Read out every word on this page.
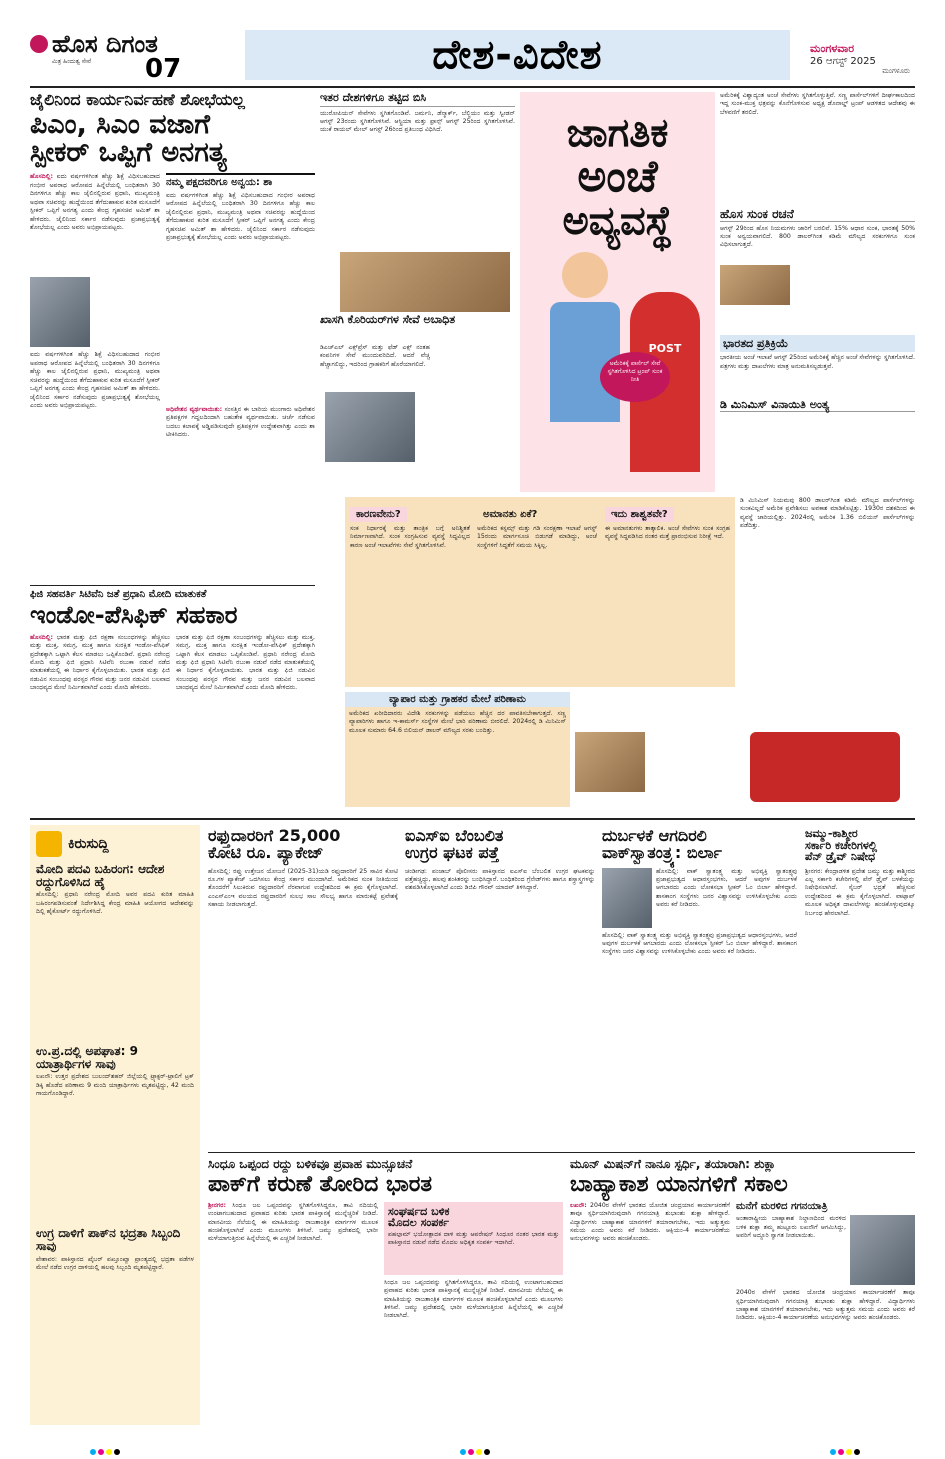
ಹೊಸ ದಿಗಂತ
ಮಿತ್ರ ಹಿಂದುತ್ವ ಸೇವೆ	07	ದೇಶ-ವಿದೇಶ	ಮಂಗಳವಾರ
26 ಆಗಸ್ಟ್ 2025
ಮಂಗಳೂರು
ಜೈಲಿನಿಂದ ಕಾರ್ಯನಿರ್ವಹಣೆ ಶೋಭೆಯಲ್ಲ
ಪಿಎಂ, ಸಿಎಂ ವಜಾಗೆ
ಸ್ಪೀಕರ್ ಒಪ್ಪಿಗೆ ಅನಗತ್ಯ
ಹೊಸದಿಲ್ಲಿ: ಐದು ವರ್ಷಗಳಿಗಿಂತ ಹೆಚ್ಚು ಶಿಕ್ಷೆ ವಿಧಿಸಬಹುದಾದ ಗಂಭೀರ ಅಪರಾಧ ಆರೋಪದ ಹಿನ್ನೆಲೆಯಲ್ಲಿ ಬಂಧಿತರಾಗಿ 30 ದಿನಗಳಿಗೂ ಹೆಚ್ಚು ಕಾಲ ಜೈಲಿನಲ್ಲಿರುವ ಪ್ರಧಾನಿ, ಮುಖ್ಯಮಂತ್ರಿ ಅಥವಾ ಸಚಿವರನ್ನು ಹುದ್ದೆಯಿಂದ ತೆಗೆದುಹಾಕುವ ಕುರಿತ ಮಸೂದೆಗೆ ಸ್ಪೀಕರ್ ಒಪ್ಪಿಗೆ ಅನಗತ್ಯ ಎಂದು ಕೇಂದ್ರ ಗೃಹಸಚಿವ ಅಮಿತ್ ಶಾ ಹೇಳಿದರು. ಜೈಲಿನಿಂದ ಸರ್ಕಾರ ನಡೆಸುವುದು ಪ್ರಜಾಪ್ರಭುತ್ವಕ್ಕೆ ಶೋಭೆಯಲ್ಲ ಎಂದು ಅವರು ಅಭಿಪ್ರಾಯಪಟ್ಟರು.
ಐದು ವರ್ಷಗಳಿಗಿಂತ ಹೆಚ್ಚು ಶಿಕ್ಷೆ ವಿಧಿಸಬಹುದಾದ ಗಂಭೀರ ಅಪರಾಧ ಆರೋಪದ ಹಿನ್ನೆಲೆಯಲ್ಲಿ ಬಂಧಿತರಾಗಿ 30 ದಿನಗಳಿಗೂ ಹೆಚ್ಚು ಕಾಲ ಜೈಲಿನಲ್ಲಿರುವ ಪ್ರಧಾನಿ, ಮುಖ್ಯಮಂತ್ರಿ ಅಥವಾ ಸಚಿವರನ್ನು ಹುದ್ದೆಯಿಂದ ತೆಗೆದುಹಾಕುವ ಕುರಿತ ಮಸೂದೆಗೆ ಸ್ಪೀಕರ್ ಒಪ್ಪಿಗೆ ಅನಗತ್ಯ ಎಂದು ಕೇಂದ್ರ ಗೃಹಸಚಿವ ಅಮಿತ್ ಶಾ ಹೇಳಿದರು. ಜೈಲಿನಿಂದ ಸರ್ಕಾರ ನಡೆಸುವುದು ಪ್ರಜಾಪ್ರಭುತ್ವಕ್ಕೆ ಶೋಭೆಯಲ್ಲ ಎಂದು ಅವರು ಅಭಿಪ್ರಾಯಪಟ್ಟರು.
ನಮ್ಮ ಪಕ್ಷದವರಿಗೂ ಅನ್ವಯ: ಶಾ
ಐದು ವರ್ಷಗಳಿಗಿಂತ ಹೆಚ್ಚು ಶಿಕ್ಷೆ ವಿಧಿಸಬಹುದಾದ ಗಂಭೀರ ಅಪರಾಧ ಆರೋಪದ ಹಿನ್ನೆಲೆಯಲ್ಲಿ ಬಂಧಿತರಾಗಿ 30 ದಿನಗಳಿಗೂ ಹೆಚ್ಚು ಕಾಲ ಜೈಲಿನಲ್ಲಿರುವ ಪ್ರಧಾನಿ, ಮುಖ್ಯಮಂತ್ರಿ ಅಥವಾ ಸಚಿವರನ್ನು ಹುದ್ದೆಯಿಂದ ತೆಗೆದುಹಾಕುವ ಕುರಿತ ಮಸೂದೆಗೆ ಸ್ಪೀಕರ್ ಒಪ್ಪಿಗೆ ಅನಗತ್ಯ ಎಂದು ಕೇಂದ್ರ ಗೃಹಸಚಿವ ಅಮಿತ್ ಶಾ ಹೇಳಿದರು. ಜೈಲಿನಿಂದ ಸರ್ಕಾರ ನಡೆಸುವುದು ಪ್ರಜಾಪ್ರಭುತ್ವಕ್ಕೆ ಶೋಭೆಯಲ್ಲ ಎಂದು ಅವರು ಅಭಿಪ್ರಾಯಪಟ್ಟರು.
ಅಧಿವೇಶನ ವ್ಯರ್ಥವಾಯಿತು: ಸಂಸತ್ತಿನ ಈ ಬಾರಿಯ ಮುಂಗಾರು ಅಧಿವೇಶನ ಪ್ರತಿಪಕ್ಷಗಳ ಗದ್ದಲದಿಂದಾಗಿ ಬಹುತೇಕ ವ್ಯರ್ಥವಾಯಿತು. ಚರ್ಚೆ ನಡೆಸುವ ಬದಲು ಕಲಾಪಕ್ಕೆ ಅಡ್ಡಿಪಡಿಸುವುದೇ ಪ್ರತಿಪಕ್ಷಗಳ ಉದ್ದೇಶವಾಗಿತ್ತು ಎಂದು ಶಾ ಟೀಕಿಸಿದರು.
ಇತರ ದೇಶಗಳಿಗೂ ತಟ್ಟಿದ ಬಿಸಿ
ಯುರೋಪಿಯನ್ ಸೇವೆಗಳು ಸ್ಥಗಿತಗೊಂಡಿವೆ. ಜರ್ಮನಿ, ಡೆನ್ಮಾರ್ಕ್, ಬೆಲ್ಜಿಯಂ ಮತ್ತು ಸ್ವೀಡನ್ ಆಗಸ್ಟ್ 23ರಂದು ಸ್ಥಗಿತಗೊಳಿಸಿವೆ. ಆಸ್ಟ್ರಿಯಾ ಮತ್ತು ಫ್ರಾನ್ಸ್ ಆಗಸ್ಟ್ 25ರಿಂದ ಸ್ಥಗಿತಗೊಳಿಸಿವೆ. ಯುಕೆ ರಾಯಲ್ ಮೇಲ್ ಆಗಸ್ಟ್ 26ರಿಂದ ಪ್ರತಿಬಂಧ ವಿಧಿಸಿದೆ.
ಖಾಸಗಿ ಕೊರಿಯರ್‌ಗಳ ಸೇವೆ ಅಬಾಧಿತ
ಡಿಎಚ್‌ಎಲ್ ಎಕ್ಸ್‌ಪ್ರೆಸ್ ಮತ್ತು ಫೆಡ್ ಎಕ್ಸ್ ನಂತಹ ಕಂಪನಿಗಳ ಸೇವೆ ಮುಂದುವರಿದಿದೆ. ಆದರೆ ವೆಚ್ಚ ಹೆಚ್ಚಾಗಲಿದ್ದು, ಇದರಿಂದ ಗ್ರಾಹಕರಿಗೆ ಹೊರೆಯಾಗಲಿದೆ.
ಜಾಗತಿಕ
ಅಂಚೆ
ಅವ್ಯವಸ್ಥೆ
POST
ಅಮೆರಿಕಕ್ಕೆ ಪಾರ್ಸೆಲ್ ಸೇವೆ ಸ್ಥಗಿತಗೊಳಿಸಿದ ಟ್ರಂಪ್ ಸುಂಕ ನೀತಿ
ಅಮೆರಿಕಕ್ಕೆ ವಿಶ್ವಾದ್ಯಂತ ಅಂಚೆ ಸೇವೆಗಳು ಸ್ಥಗಿತಗೊಳ್ಳುತ್ತಿವೆ. ಸಣ್ಣ ಪಾರ್ಸೆಲ್‌ಗಳಿಗೆ ದೀರ್ಘಕಾಲದಿಂದ ಇದ್ದ ಸುಂಕ-ಮುಕ್ತ ಛತ್ರವನ್ನು ಕೊನೆಗೊಳಿಸುವ ಅಧ್ಯಕ್ಷ ಡೊನಾಲ್ಡ್ ಟ್ರಂಪ್ ಆಡಳಿತದ ಆದೇಶವು ಈ ಬೆಳವಣಿಗೆ ತರಲಿದೆ.
ಹೊಸ ಸುಂಕ ರಚನೆ
ಆಗಸ್ಟ್ 29ರಿಂದ ಹೊಸ ನಿಯಮಗಳು ಜಾರಿಗೆ ಬರಲಿವೆ. 15% ಆಧಾರ ಸುಂಕ, ಭಾರತಕ್ಕೆ 50% ಸುಂಕ ಅನ್ವಯವಾಗಲಿದೆ. 800 ಡಾಲರ್‌ಗಿಂತ ಕಡಿಮೆ ಮೌಲ್ಯದ ಸರಕುಗಳಿಗೂ ಸುಂಕ ವಿಧಿಸಲಾಗುತ್ತದೆ.
ಭಾರತದ ಪ್ರತಿಕ್ರಿಯೆ
ಭಾರತೀಯ ಅಂಚೆ ಇಲಾಖೆ ಆಗಸ್ಟ್ 25ರಿಂದ ಅಮೆರಿಕಕ್ಕೆ ಹೆಚ್ಚಿನ ಅಂಚೆ ಸೇವೆಗಳನ್ನು ಸ್ಥಗಿತಗೊಳಿಸಿದೆ. ಪತ್ರಗಳು ಮತ್ತು ದಾಖಲೆಗಳು ಮಾತ್ರ ಅನುಮತಿಸಲ್ಪಡುತ್ತವೆ.
ಡಿ ಮಿನಿಮಿಸ್ ವಿನಾಯಿತಿ ಅಂತ್ಯ
ಡಿ ಮಿನಿಮಿಸ್ ನಿಯಮವು 800 ಡಾಲರ್‌ಗಿಂತ ಕಡಿಮೆ ಮೌಲ್ಯದ ಪಾರ್ಸೆಲ್‌ಗಳನ್ನು ಸುಂಕವಿಲ್ಲದೆ ಅಮೆರಿಕ ಪ್ರವೇಶಿಸಲು ಅವಕಾಶ ಮಾಡಿಕೊಟ್ಟಿತ್ತು. 1930ರ ದಶಕದಿಂದ ಈ ವ್ಯವಸ್ಥೆ ಜಾರಿಯಲ್ಲಿತ್ತು. 2024ರಲ್ಲಿ ಅಮೆರಿಕ 1.36 ಬಿಲಿಯನ್ ಪಾರ್ಸೆಲ್‌ಗಳನ್ನು ಪಡೆದಿತ್ತು.
ಕಾರಣವೇನು?
ಸಂಕ ನಿರ್ಧಾರಕ್ಕೆ ಮತ್ತು ತಾಂತ್ರಿಕ ಬಗ್ಗೆ ಅನಿಶ್ಚಿತತೆ ನಿರ್ಮಾಣವಾಗಿದೆ. ಸುಂಕ ಸಂಗ್ರಹಿಸುವ ವ್ಯವಸ್ಥೆ ಸಿದ್ಧವಿಲ್ಲದ ಕಾರಣ ಅಂಚೆ ಇಲಾಖೆಗಳು ಸೇವೆ ಸ್ಥಗಿತಗೊಳಿಸಿವೆ.
ಅಮಾನತು ಏಕೆ?
ಅಮೆರಿಕದ ಕಸ್ಟಮ್ಸ್ ಮತ್ತು ಗಡಿ ಸಂರಕ್ಷಣಾ ಇಲಾಖೆ ಆಗಸ್ಟ್ 15ರಂದು ಮಾರ್ಗಸೂಚಿ ಬಿಡುಗಡೆ ಮಾಡಿದ್ದು, ಅಂಚೆ ಸಂಸ್ಥೆಗಳಿಗೆ ಸಿದ್ಧತೆಗೆ ಸಮಯ ಸಿಕ್ಕಿಲ್ಲ.
ಇದು ಶಾಶ್ವತವೇ?
ಈ ಅಮಾನತುಗಳು ತಾತ್ಕಾಲಿಕ. ಅಂಚೆ ಸೇವೆಗಳು ಸುಂಕ ಸಂಗ್ರಹ ವ್ಯವಸ್ಥೆ ಸಿದ್ಧಪಡಿಸಿದ ನಂತರ ಮತ್ತೆ ಪ್ರಾರಂಭಿಸುವ ನಿರೀಕ್ಷೆ ಇದೆ.
ವ್ಯಾಪಾರ ಮತ್ತು ಗ್ರಾಹಕರ ಮೇಲೆ ಪರಿಣಾಮ
ಅಮೆರಿಕದ ಖರೀದಿದಾರರು ವಿದೇಶಿ ಸರಕುಗಳನ್ನು ಪಡೆಯಲು ಹೆಚ್ಚಿನ ದರ ಪಾವತಿಸಬೇಕಾಗುತ್ತದೆ. ಸಣ್ಣ ವ್ಯಾಪಾರಿಗಳು ಹಾಗೂ ಇ-ಕಾಮರ್ಸ್ ಸಂಸ್ಥೆಗಳ ಮೇಲೆ ಭಾರಿ ಪರಿಣಾಮ ಬೀರಲಿದೆ. 2024ರಲ್ಲಿ ಡಿ ಮಿನಿಮಿಸ್ ಮೂಲಕ ಸುಮಾರು 64.6 ಬಿಲಿಯನ್ ಡಾಲರ್ ಮೌಲ್ಯದ ಸರಕು ಬಂದಿತ್ತು.
ಫಿಜಿ ಸಹವರ್ತಿ ಸಿಟಿವೆನಿ ಜತೆ ಪ್ರಧಾನಿ ಮೋದಿ ಮಾತುಕತೆ
ಇಂಡೋ-ಪೆಸಿಫಿಕ್ ಸಹಕಾರ
ಹೊಸದಿಲ್ಲಿ: ಭಾರತ ಮತ್ತು ಫಿಜಿ ರಕ್ಷಣಾ ಸಂಬಂಧಗಳನ್ನು ಹೆಚ್ಚಿಸಲು ಮತ್ತು ಮುಕ್ತ, ಸಮಗ್ರ, ಮುಕ್ತ ಹಾಗೂ ಸುರಕ್ಷಿತ ಇಂಡೋ-ಪೆಸಿಫಿಕ್ ಪ್ರದೇಶಕ್ಕಾಗಿ ಒಟ್ಟಾಗಿ ಕೆಲಸ ಮಾಡಲು ಒಪ್ಪಿಕೊಂಡಿವೆ. ಪ್ರಧಾನಿ ನರೇಂದ್ರ ಮೋದಿ ಮತ್ತು ಫಿಜಿ ಪ್ರಧಾನಿ ಸಿಟಿವೆನಿ ರಬುಕಾ ನಡುವೆ ನಡೆದ ಮಾತುಕತೆಯಲ್ಲಿ ಈ ನಿರ್ಧಾರ ಕೈಗೊಳ್ಳಲಾಯಿತು. ಭಾರತ ಮತ್ತು ಫಿಜಿ ನಡುವಿನ ಸಂಬಂಧವು ಪರಸ್ಪರ ಗೌರವ ಮತ್ತು ಜನರ ನಡುವಿನ ಬಲವಾದ ಬಾಂಧವ್ಯದ ಮೇಲೆ ನಿರ್ಮಿತವಾಗಿದೆ ಎಂದು ಮೋದಿ ಹೇಳಿದರು.
ಭಾರತ ಮತ್ತು ಫಿಜಿ ರಕ್ಷಣಾ ಸಂಬಂಧಗಳನ್ನು ಹೆಚ್ಚಿಸಲು ಮತ್ತು ಮುಕ್ತ, ಸಮಗ್ರ, ಮುಕ್ತ ಹಾಗೂ ಸುರಕ್ಷಿತ ಇಂಡೋ-ಪೆಸಿಫಿಕ್ ಪ್ರದೇಶಕ್ಕಾಗಿ ಒಟ್ಟಾಗಿ ಕೆಲಸ ಮಾಡಲು ಒಪ್ಪಿಕೊಂಡಿವೆ. ಪ್ರಧಾನಿ ನರೇಂದ್ರ ಮೋದಿ ಮತ್ತು ಫಿಜಿ ಪ್ರಧಾನಿ ಸಿಟಿವೆನಿ ರಬುಕಾ ನಡುವೆ ನಡೆದ ಮಾತುಕತೆಯಲ್ಲಿ ಈ ನಿರ್ಧಾರ ಕೈಗೊಳ್ಳಲಾಯಿತು. ಭಾರತ ಮತ್ತು ಫಿಜಿ ನಡುವಿನ ಸಂಬಂಧವು ಪರಸ್ಪರ ಗೌರವ ಮತ್ತು ಜನರ ನಡುವಿನ ಬಲವಾದ ಬಾಂಧವ್ಯದ ಮೇಲೆ ನಿರ್ಮಿತವಾಗಿದೆ ಎಂದು ಮೋದಿ ಹೇಳಿದರು.
ಕಿರುಸುದ್ದಿ
ಮೋದಿ ಪದವಿ ಬಹಿರಂಗ: ಆದೇಶ ರದ್ದುಗೊಳಿಸಿದ ಹೈ
ಹೊಸದಿಲ್ಲಿ: ಪ್ರಧಾನಿ ನರೇಂದ್ರ ಮೋದಿ ಅವರ ಪದವಿ ಕುರಿತ ಮಾಹಿತಿ ಬಹಿರಂಗಪಡಿಸುವಂತೆ ನಿರ್ದೇಶಿಸಿದ್ದ ಕೇಂದ್ರ ಮಾಹಿತಿ ಆಯೋಗದ ಆದೇಶವನ್ನು ದಿಲ್ಲಿ ಹೈಕೋರ್ಟ್ ರದ್ದುಗೊಳಿಸಿದೆ.
ಉ.ಪ್ರ.ದಲ್ಲಿ ಅಪಘಾತ: 9 ಯಾತ್ರಾರ್ಥಿಗಳ ಸಾವು
ಲಖನೌ: ಉತ್ತರ ಪ್ರದೇಶದ ಬುಲಂದ್‌ಶಹರ್ ಜಿಲ್ಲೆಯಲ್ಲಿ ಟ್ರ್ಯಾಕ್ಟರ್-ಟ್ರಾಲಿಗೆ ಟ್ರಕ್ ಡಿಕ್ಕಿ ಹೊಡೆದ ಪರಿಣಾಮ 9 ಮಂದಿ ಯಾತ್ರಾರ್ಥಿಗಳು ಮೃತಪಟ್ಟಿದ್ದು, 42 ಮಂದಿ ಗಾಯಗೊಂಡಿದ್ದಾರೆ.
ಉಗ್ರ ದಾಳಿಗೆ ಪಾಕ್‌ನ ಭದ್ರತಾ ಸಿಬ್ಬಂದಿ ಸಾವು
ಪೇಶಾವರ: ಪಾಕಿಸ್ತಾನದ ಖೈಬರ್ ಪಖ್ತೂಂಖ್ವಾ ಪ್ರಾಂತ್ಯದಲ್ಲಿ ಭದ್ರತಾ ಪಡೆಗಳ ಮೇಲೆ ನಡೆದ ಉಗ್ರರ ದಾಳಿಯಲ್ಲಿ ಹಲವು ಸಿಬ್ಬಂದಿ ಮೃತಪಟ್ಟಿದ್ದಾರೆ.
ರಫ್ತುದಾರರಿಗೆ 25,000
ಕೋಟಿ ರೂ. ಪ್ಯಾಕೇಜ್
ಹೊಸದಿಲ್ಲಿ: ರಫ್ತು ಉತ್ತೇಜನ ಯೋಜನೆ (2025-31)ಯಡಿ ರಫ್ತುದಾರರಿಗೆ 25 ಸಾವಿರ ಕೋಟಿ ರೂ.ಗಳ ಪ್ಯಾಕೇಜ್ ಒದಗಿಸಲು ಕೇಂದ್ರ ಸರ್ಕಾರ ಮುಂದಾಗಿದೆ. ಅಮೆರಿಕದ ಸುಂಕ ನೀತಿಯಿಂದ ತೊಂದರೆಗೆ ಸಿಲುಕಿರುವ ರಫ್ತುದಾರರಿಗೆ ನೆರವಾಗುವ ಉದ್ದೇಶದಿಂದ ಈ ಕ್ರಮ ಕೈಗೊಳ್ಳಲಾಗಿದೆ. ಎಂಎಸ್ಎಂಇ ವಲಯದ ರಫ್ತುದಾರರಿಗೆ ಸುಲಭ ಸಾಲ ಸೌಲಭ್ಯ ಹಾಗೂ ಮಾರುಕಟ್ಟೆ ಪ್ರವೇಶಕ್ಕೆ ಸಹಾಯ ನೀಡಲಾಗುತ್ತದೆ.
ಐಎಸ್ಐ ಬೆಂಬಲಿತ
ಉಗ್ರರ ಘಟಕ ಪತ್ತೆ
ಚಂಡೀಗಢ: ಪಂಜಾಬ್ ಪೊಲೀಸರು ಪಾಕಿಸ್ತಾನದ ಐಎಸ್ಐ ಬೆಂಬಲಿತ ಉಗ್ರರ ಘಟಕವನ್ನು ಪತ್ತೆಹಚ್ಚಿದ್ದು, ಹಲವು ಶಂಕಿತರನ್ನು ಬಂಧಿಸಿದ್ದಾರೆ. ಬಂಧಿತರಿಂದ ಗ್ರೆನೇಡ್‌ಗಳು ಹಾಗೂ ಶಸ್ತ್ರಾಸ್ತ್ರಗಳನ್ನು ವಶಪಡಿಸಿಕೊಳ್ಳಲಾಗಿದೆ ಎಂದು ಡಿಜಿಪಿ ಗೌರವ್ ಯಾದವ್ ತಿಳಿಸಿದ್ದಾರೆ.
ದುರ್ಬಳಕೆ ಆಗದಿರಲಿ
ವಾಕ್‌ಸ್ವಾತಂತ್ರ್ಯ: ಬಿರ್ಲಾ
ಹೊಸದಿಲ್ಲಿ: ವಾಕ್ ಸ್ವಾತಂತ್ರ್ಯ ಮತ್ತು ಅಭಿವ್ಯಕ್ತಿ ಸ್ವಾತಂತ್ರ್ಯವು ಪ್ರಜಾಪ್ರಭುತ್ವದ ಆಧಾರಸ್ತಂಭಗಳು, ಆದರೆ ಅವುಗಳ ದುರ್ಬಳಕೆ ಆಗಬಾರದು ಎಂದು ಲೋಕಸಭಾ ಸ್ಪೀಕರ್ ಓಂ ಬಿರ್ಲಾ ಹೇಳಿದ್ದಾರೆ. ಶಾಸಕಾಂಗ ಸಂಸ್ಥೆಗಳು ಜನರ ವಿಶ್ವಾಸವನ್ನು ಉಳಿಸಿಕೊಳ್ಳಬೇಕು ಎಂದು ಅವರು ಕರೆ ನೀಡಿದರು.
ಹೊಸದಿಲ್ಲಿ: ವಾಕ್ ಸ್ವಾತಂತ್ರ್ಯ ಮತ್ತು ಅಭಿವ್ಯಕ್ತಿ ಸ್ವಾತಂತ್ರ್ಯವು ಪ್ರಜಾಪ್ರಭುತ್ವದ ಆಧಾರಸ್ತಂಭಗಳು, ಆದರೆ ಅವುಗಳ ದುರ್ಬಳಕೆ ಆಗಬಾರದು ಎಂದು ಲೋಕಸಭಾ ಸ್ಪೀಕರ್ ಓಂ ಬಿರ್ಲಾ ಹೇಳಿದ್ದಾರೆ. ಶಾಸಕಾಂಗ ಸಂಸ್ಥೆಗಳು ಜನರ ವಿಶ್ವಾಸವನ್ನು ಉಳಿಸಿಕೊಳ್ಳಬೇಕು ಎಂದು ಅವರು ಕರೆ ನೀಡಿದರು.
ಜಮ್ಮು-ಕಾಶ್ಮೀರ
ಸರ್ಕಾರಿ ಕಚೇರಿಗಳಲ್ಲಿ
ಪೆನ್ ಡ್ರೈವ್ ನಿಷೇಧ
ಶ್ರೀನಗರ: ಕೇಂದ್ರಾಡಳಿತ ಪ್ರದೇಶ ಜಮ್ಮು ಮತ್ತು ಕಾಶ್ಮೀರದ ಎಲ್ಲ ಸರ್ಕಾರಿ ಕಚೇರಿಗಳಲ್ಲಿ ಪೆನ್ ಡ್ರೈವ್ ಬಳಕೆಯನ್ನು ನಿಷೇಧಿಸಲಾಗಿದೆ. ಸೈಬರ್ ಭದ್ರತೆ ಹೆಚ್ಚಿಸುವ ಉದ್ದೇಶದಿಂದ ಈ ಕ್ರಮ ಕೈಗೊಳ್ಳಲಾಗಿದೆ. ವಾಟ್ಸಾಪ್ ಮೂಲಕ ಅಧಿಕೃತ ದಾಖಲೆಗಳನ್ನು ಹಂಚಿಕೊಳ್ಳುವುದಕ್ಕೂ ನಿರ್ಬಂಧ ಹೇರಲಾಗಿದೆ.
ಸಿಂಧೂ ಒಪ್ಪಂದ ರದ್ದು ಬಳಿಕವೂ ಪ್ರವಾಹ ಮುನ್ಸೂಚನೆ
ಪಾಕ್‌ಗೆ ಕರುಣೆ ತೋರಿದ ಭಾರತ
ಶ್ರೀನಗರ: ಸಿಂಧೂ ಜಲ ಒಪ್ಪಂದವನ್ನು ಸ್ಥಗಿತಗೊಳಿಸಿದ್ದರೂ, ತಾವಿ ನದಿಯಲ್ಲಿ ಉಂಟಾಗಬಹುದಾದ ಪ್ರವಾಹದ ಕುರಿತು ಭಾರತ ಪಾಕಿಸ್ತಾನಕ್ಕೆ ಮುನ್ನೆಚ್ಚರಿಕೆ ನೀಡಿದೆ. ಮಾನವೀಯ ನೆಲೆಯಲ್ಲಿ ಈ ಮಾಹಿತಿಯನ್ನು ರಾಜತಾಂತ್ರಿಕ ಮಾರ್ಗಗಳ ಮೂಲಕ ಹಂಚಿಕೊಳ್ಳಲಾಗಿದೆ ಎಂದು ಮೂಲಗಳು ತಿಳಿಸಿವೆ. ಜಮ್ಮು ಪ್ರದೇಶದಲ್ಲಿ ಭಾರೀ ಮಳೆಯಾಗುತ್ತಿರುವ ಹಿನ್ನೆಲೆಯಲ್ಲಿ ಈ ಎಚ್ಚರಿಕೆ ನೀಡಲಾಗಿದೆ.
ಸಂಘರ್ಷದ ಬಳಿಕ
ಮೊದಲ ಸಂಪರ್ಕ
ಪಹಲ್ಗಾಮ್ ಭಯೋತ್ಪಾದಕ ದಾಳಿ ಮತ್ತು ಆಪರೇಷನ್ ಸಿಂಧೂರ ನಂತರ ಭಾರತ ಮತ್ತು ಪಾಕಿಸ್ತಾನದ ನಡುವೆ ನಡೆದ ಮೊದಲ ಅಧಿಕೃತ ಸಂಪರ್ಕ ಇದಾಗಿದೆ.
ಸಿಂಧೂ ಜಲ ಒಪ್ಪಂದವನ್ನು ಸ್ಥಗಿತಗೊಳಿಸಿದ್ದರೂ, ತಾವಿ ನದಿಯಲ್ಲಿ ಉಂಟಾಗಬಹುದಾದ ಪ್ರವಾಹದ ಕುರಿತು ಭಾರತ ಪಾಕಿಸ್ತಾನಕ್ಕೆ ಮುನ್ನೆಚ್ಚರಿಕೆ ನೀಡಿದೆ. ಮಾನವೀಯ ನೆಲೆಯಲ್ಲಿ ಈ ಮಾಹಿತಿಯನ್ನು ರಾಜತಾಂತ್ರಿಕ ಮಾರ್ಗಗಳ ಮೂಲಕ ಹಂಚಿಕೊಳ್ಳಲಾಗಿದೆ ಎಂದು ಮೂಲಗಳು ತಿಳಿಸಿವೆ. ಜಮ್ಮು ಪ್ರದೇಶದಲ್ಲಿ ಭಾರೀ ಮಳೆಯಾಗುತ್ತಿರುವ ಹಿನ್ನೆಲೆಯಲ್ಲಿ ಈ ಎಚ್ಚರಿಕೆ ನೀಡಲಾಗಿದೆ.
ಮೂನ್ ಮಿಷನ್‌ಗೆ ನಾನೂ ಸ್ಪರ್ಧಿ, ತಯಾರಾಗಿ: ಶುಕ್ಲಾ
ಬಾಹ್ಯಾಕಾಶ ಯಾನಗಳಿಗೆ ಸಕಾಲ
ಲಖನೌ: 2040ರ ವೇಳೆಗೆ ಭಾರತದ ಯೋಜಿತ ಚಂದ್ರಯಾನ ಕಾರ್ಯಾಚರಣೆಗೆ ತಾವೂ ಸ್ಪರ್ಧಿಯಾಗಿರುವುದಾಗಿ ಗಗನಯಾತ್ರಿ ಶುಭಾಂಶು ಶುಕ್ಲಾ ಹೇಳಿದ್ದಾರೆ. ವಿದ್ಯಾರ್ಥಿಗಳು ಬಾಹ್ಯಾಕಾಶ ಯಾನಗಳಿಗೆ ತಯಾರಾಗಬೇಕು, ಇದು ಅತ್ಯುತ್ತಮ ಸಮಯ ಎಂದು ಅವರು ಕರೆ ನೀಡಿದರು. ಆಕ್ಸಿಯಂ-4 ಕಾರ್ಯಾಚರಣೆಯ ಅನುಭವಗಳನ್ನು ಅವರು ಹಂಚಿಕೊಂಡರು.
ಮನೆಗೆ ಮರಳಿದ ಗಗನಯಾತ್ರಿ
ಅಂತಾರಾಷ್ಟ್ರೀಯ ಬಾಹ್ಯಾಕಾಶ ನಿಲ್ದಾಣದಿಂದ ಮರಳಿದ ಬಳಿಕ ಶುಕ್ಲಾ ತಮ್ಮ ಹುಟ್ಟೂರು ಲಖನೌಗೆ ಆಗಮಿಸಿದ್ದು, ಅವರಿಗೆ ಅದ್ದೂರಿ ಸ್ವಾಗತ ನೀಡಲಾಯಿತು.
2040ರ ವೇಳೆಗೆ ಭಾರತದ ಯೋಜಿತ ಚಂದ್ರಯಾನ ಕಾರ್ಯಾಚರಣೆಗೆ ತಾವೂ ಸ್ಪರ್ಧಿಯಾಗಿರುವುದಾಗಿ ಗಗನಯಾತ್ರಿ ಶುಭಾಂಶು ಶುಕ್ಲಾ ಹೇಳಿದ್ದಾರೆ. ವಿದ್ಯಾರ್ಥಿಗಳು ಬಾಹ್ಯಾಕಾಶ ಯಾನಗಳಿಗೆ ತಯಾರಾಗಬೇಕು, ಇದು ಅತ್ಯುತ್ತಮ ಸಮಯ ಎಂದು ಅವರು ಕರೆ ನೀಡಿದರು. ಆಕ್ಸಿಯಂ-4 ಕಾರ್ಯಾಚರಣೆಯ ಅನುಭವಗಳನ್ನು ಅವರು ಹಂಚಿಕೊಂಡರು.
